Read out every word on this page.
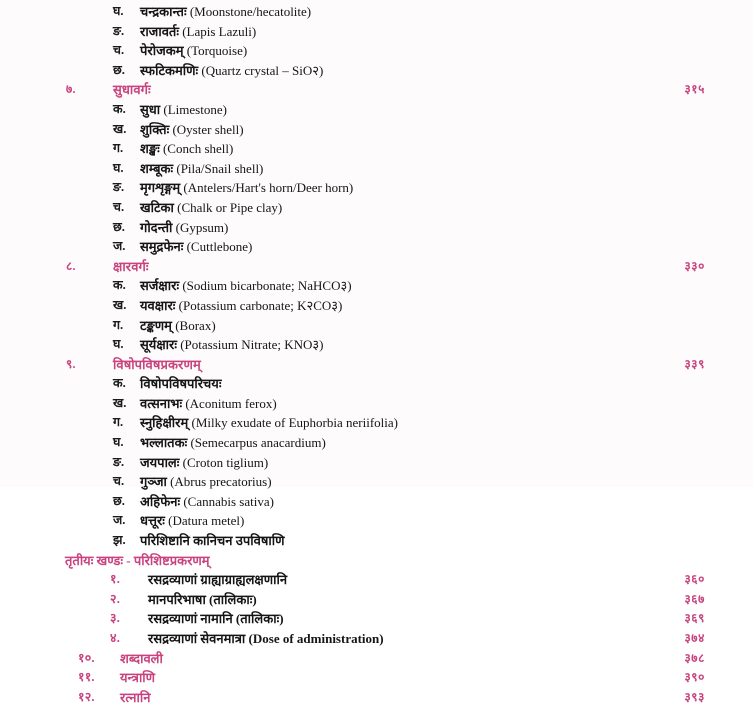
घ.	चन्द्रकान्तः (Moonstone/hecatolite)
ङ.	राजावर्तः (Lapis Lazuli)
च.	पेरोजकम् (Torquoise)
छ.	स्फटिकमणिः (Quartz crystal – SiO२)
७.	सुधावर्गः	३१५
क.	सुधा (Limestone)
ख.	शुक्तिः (Oyster shell)
ग.	शङ्खः (Conch shell)
घ.	शम्बूकः (Pila/Snail shell)
ङ.	मृगशृङ्गम् (Antelers/Hart's horn/Deer horn)
च.	खटिका (Chalk or Pipe clay)
छ.	गोदन्ती (Gypsum)
ज.	समुद्रफेनः (Cuttlebone)
८.	क्षारवर्गः	३३०
क.	सर्जक्षारः (Sodium bicarbonate; NaHCO३)
ख.	यवक्षारः (Potassium carbonate; K२CO३)
ग.	टङ्कणम् (Borax)
घ.	सूर्यक्षारः (Potassium Nitrate; KNO३)
९.	विषोपविषप्रकरणम्	३३९
क.	विषोपविषपरिचयः
ख.	वत्सनाभः (Aconitum ferox)
ग.	स्नुहिक्षीरम् (Milky exudate of Euphorbia neriifolia)
घ.	भल्लातकः (Semecarpus anacardium)
ङ.	जयपालः (Croton tiglium)
च.	गुञ्जा (Abrus precatorius)
छ.	अहिफेनः (Cannabis sativa)
ज.	धत्तूरः (Datura metel)
झ.	परिशिष्टानि कानिचन उपविषाणि
तृतीयः खण्डः - परिशिष्टप्रकरणम्
१.	रसद्रव्याणां ग्राह्याग्राह्यलक्षणानि	३६०
२.	मानपरिभाषा (तालिकाः)	३६७
३.	रसद्रव्याणां नामानि (तालिकाः)	३६९
४.	रसद्रव्याणां सेवनमात्रा (Dose of administration)	३७४
१०.	शब्दावली	३७८
११.	यन्त्राणि	३९०
१२.	रत्नानि	३९३
